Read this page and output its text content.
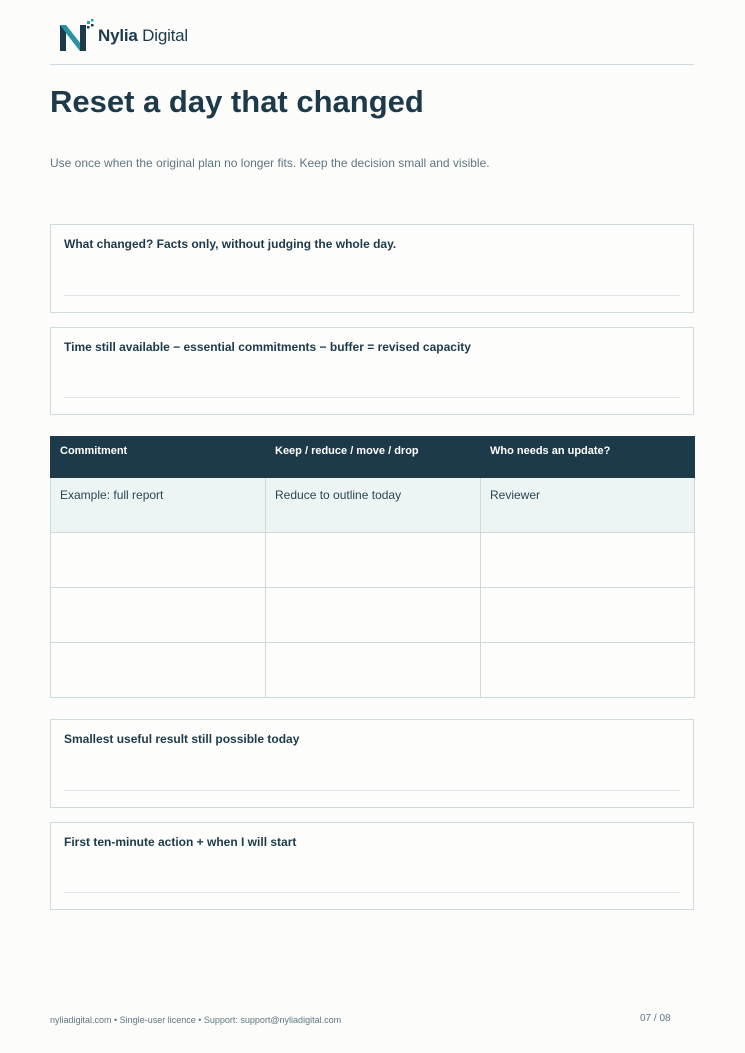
Nylia Digital
Reset a day that changed

Use once when the original plan no longer fits. Keep the decision small and visible.

What changed? Facts only, without judging the whole day.
Time still available − essential commitments − buffer = revised capacity
Commitment	Keep / reduce / move / drop	Who needs an update?
Example: full report	Reduce to outline today	Reviewer

Smallest useful result still possible today
First ten-minute action + when I will start
nyliadigital.com • Single-user licence • Support: support@nyliadigital.com	07 / 08
